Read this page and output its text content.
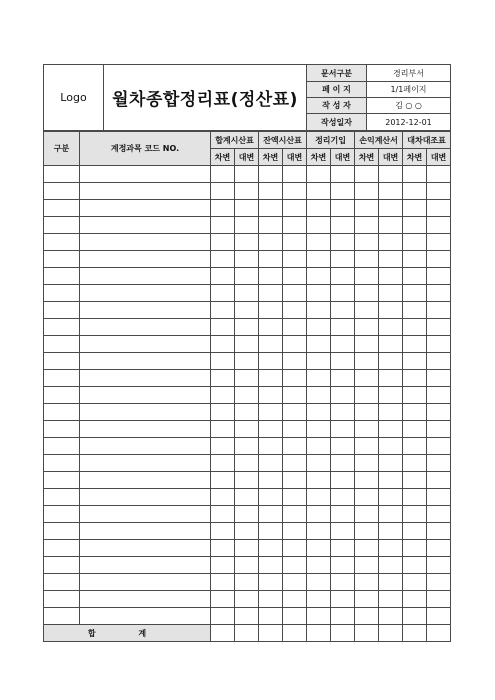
Logo	월차종합정리표(정산표)	문서구분	경리부서
		페 이 지	1/1페이지
		작 성 자	김 ○ ○
		작성일자	2012-12-01
구분	계정과목 코드 NO.	합계시산표		잔액시산표		정리기입		손익계산서		대차대조표	
		차변	대변	차변	대변	차변	대변	차변	대변	차변	대변

합 계											
